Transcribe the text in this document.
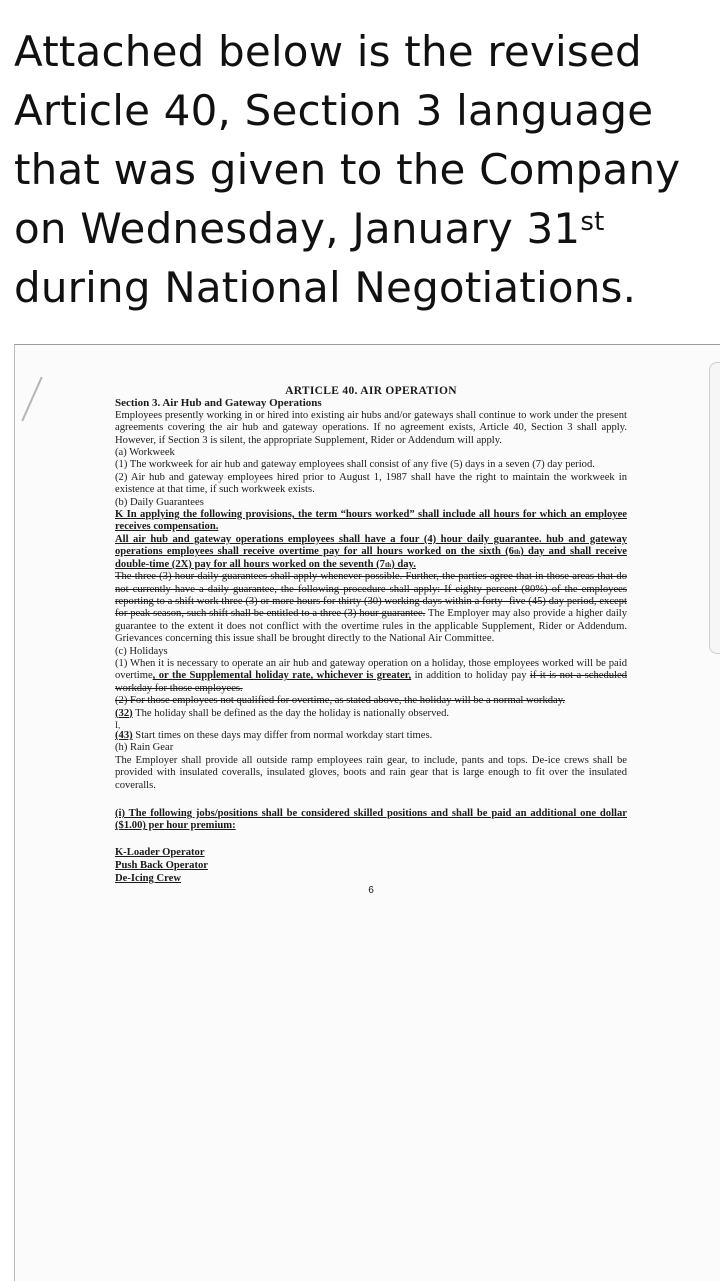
Attached below is the revised
Article 40, Section 3 language
that was given to the Company
on Wednesday, January 31st
during National Negotiations.

ARTICLE 40. AIR OPERATION

Section 3. Air Hub and Gateway Operations

Employees presently working in or hired into existing air hubs and/or gateways shall continue to work under the present agreements covering the air hub and gateway operations. If no agreement exists, Article 40, Section 3 shall apply. However, if Section 3 is silent, the appropriate Supplement, Rider or Addendum will apply.

(a) Workweek

(1) The workweek for air hub and gateway employees shall consist of any five (5) days in a seven (7) day period.

(2) Air hub and gateway employees hired prior to August 1, 1987 shall have the right to maintain the workweek in existence at that time, if such workweek exists.

(b) Daily Guarantees

K In applying the following provisions, the term “hours worked” shall include all hours for which an employee receives compensation.

All air hub and gateway operations employees shall have a four (4) hour daily guarantee. hub and gateway operations employees shall receive overtime pay for all hours worked on the sixth (6th) day and shall receive double-time (2X) pay for all hours worked on the seventh (7th) day.

The three (3) hour daily guarantees shall apply whenever possible. Further, the parties agree that in those areas that do not currently have a daily guarantee, the following procedure shall apply: If eighty percent (80%) of the employees reporting to a shift work three (3) or more hours for thirty (30) working days within a forty- five (45) day period, except for peak season, such shift shall be entitled to a three (3) hour guarantee. The Employer may also provide a higher daily guarantee to the extent it does not conflict with the overtime rules in the applicable Supplement, Rider or Addendum. Grievances concerning this issue shall be brought directly to the National Air Committee.

(c) Holidays

(1) When it is necessary to operate an air hub and gateway operation on a holiday, those employees worked will be paid overtime, or the Supplemental holiday rate, whichever is greater, in addition to holiday pay if it is not a scheduled workday for those employees.

(2) For those employees not qualified for overtime, as stated above, the holiday will be a normal workday.

(32) The holiday shall be defined as the day the holiday is nationally observed.

I,

(43) Start times on these days may differ from normal workday start times.

(h) Rain Gear

The Employer shall provide all outside ramp employees rain gear, to include, pants and tops. De-ice crews shall be provided with insulated coveralls, insulated gloves, boots and rain gear that is large enough to fit over the insulated coveralls.

(i) The following jobs/positions shall be considered skilled positions and shall be paid an additional one dollar ($1.00) per hour premium:

K-Loader Operator

Push Back Operator

De-Icing Crew

6
